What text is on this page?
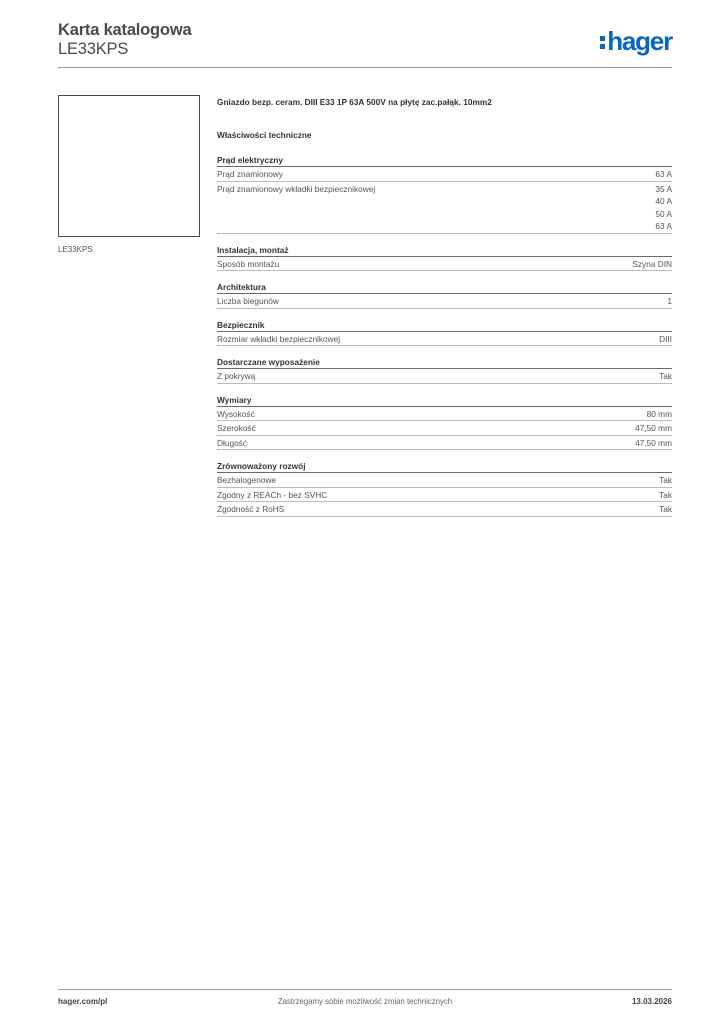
Karta katalogowa
LE33KPS	hager
LE33KPS
Gniazdo bezp. ceram. DIII E33 1P 63A 500V na płytę zac.pałąk. 10mm2
Właściwości techniczne
Prąd elektryczny
Prąd znamionowy	63 A
Prąd znamionowy wkładki bezpiecznikowej	35 A
40 A
50 A
63 A
Instalacja, montaż
Sposób montażu	Szyna DIN
Architektura
Liczba biegunów	1
Bezpiecznik
Rozmiar wkładki bezpiecznikowej	DIII
Dostarczane wyposażenie
Z pokrywą	Tak
Wymiary
Wysokość	80 mm
Szerokość	47,50 mm
Długość	47,50 mm
Zrównoważony rozwój
Bezhalogenowe	Tak
Zgodny z REACh - bez SVHC	Tak
Zgodność z RoHS	Tak
hager.com/pl	Zastrzegamy sobie możliwość zmian technicznych	13.03.2026
